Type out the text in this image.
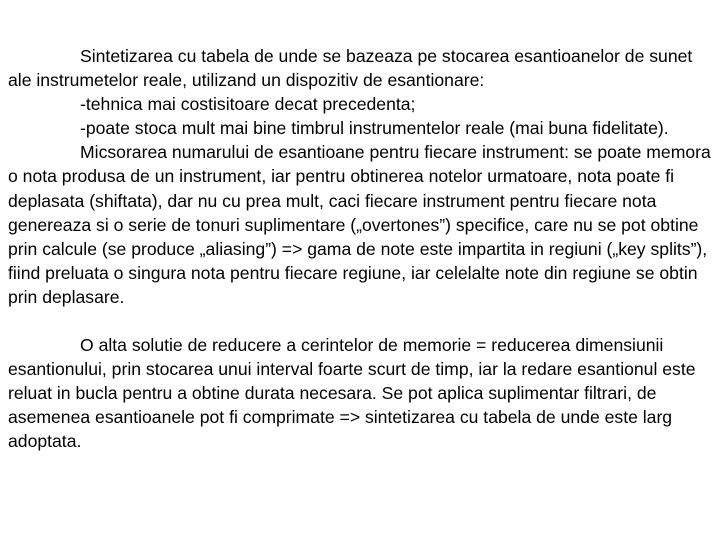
Sintetizarea cu tabela de unde se bazeaza pe stocarea esantioanelor de sunet ale instrumetelor reale, utilizand un dispozitiv de esantionare:

-tehnica mai costisitoare decat precedenta;

-poate stoca mult mai bine timbrul instrumentelor reale (mai buna fidelitate).

Micsorarea numarului de esantioane pentru fiecare instrument: se poate memora o nota produsa de un instrument, iar pentru obtinerea notelor urmatoare, nota poate fi deplasata (shiftata), dar nu cu prea mult, caci fiecare instrument pentru fiecare nota genereaza si o serie de tonuri suplimentare („overtones”) specifice, care nu se pot obtine prin calcule (se produce „aliasing”) => gama de note este impartita in regiuni („key splits”), fiind preluata o singura nota pentru fiecare regiune, iar celelalte note din regiune se obtin prin deplasare.

O alta solutie de reducere a cerintelor de memorie = reducerea dimensiunii esantionului, prin stocarea unui interval foarte scurt de timp, iar la redare esantionul este reluat in bucla pentru a obtine durata necesara. Se pot aplica suplimentar filtrari, de asemenea esantioanele pot fi comprimate => sintetizarea cu tabela de unde este larg adoptata.
